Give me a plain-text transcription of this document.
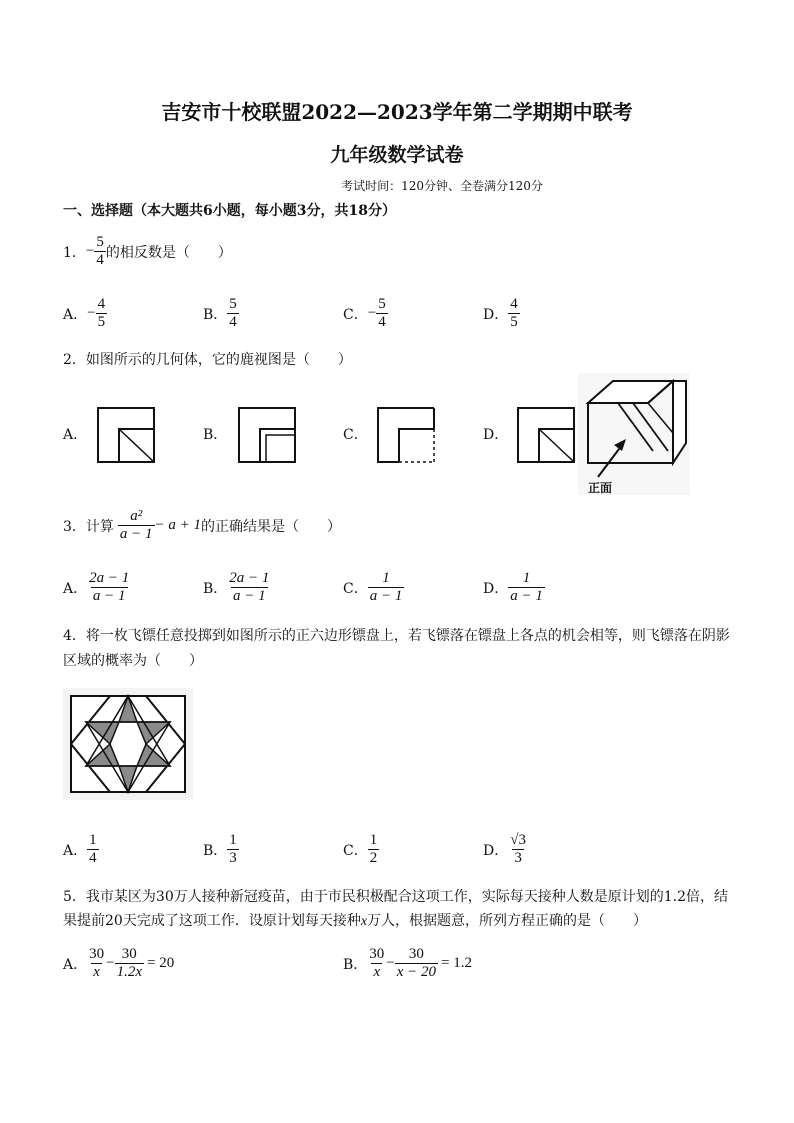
吉安市十校联盟2022—2023学年第二学期期中联考
九年级数学试卷
考试时间：120分钟、全卷满分120分
一、选择题（本大题共6小题，每小题3分，共18分）
1． − $\frac{5}{4}$ 的相反数是（　　）
A． − $\frac{4}{5}$	B． $\frac{5}{4}$	C． − $\frac{5}{4}$	D． $\frac{4}{5}$
2．如图所示的几何体，它的鹿视图是（　　）
A．	B．	C．	D．
正面
3．计算 $\frac{\text{a²}}{a - 1} - a + 1$ 的正确结果是（　　）
A． $\frac{2a - 1}{a - 1}$	B． $\frac{2a - 1}{a - 1}$	C． $\frac{1}{a - 1}$	D． $\frac{1}{a - 1}$
4．将一枚飞镖任意投掷到如图所示的正六边形镖盘上，若飞镖落在镖盘上各点的机会相等，则飞镖落在阴影
区域的概率为（　　）
A． $\frac{1}{4}$	B． $\frac{1}{3}$	C． $\frac{1}{2}$	D． $\frac{√3}{3}$
5．我市某区为30万人接种新冠疫苗，由于市民积极配合这项工作，实际每天接种人数是原计划的1.2倍，结
果提前20天完成了这项工作．设原计划每天接种x万人，根据题意，所列方程正确的是（　　）
A． $\frac{30}{x} - \frac{30}{1.2x} = 20$	B． $\frac{30}{x} - \frac{30}{x - 20} = 1.2$
